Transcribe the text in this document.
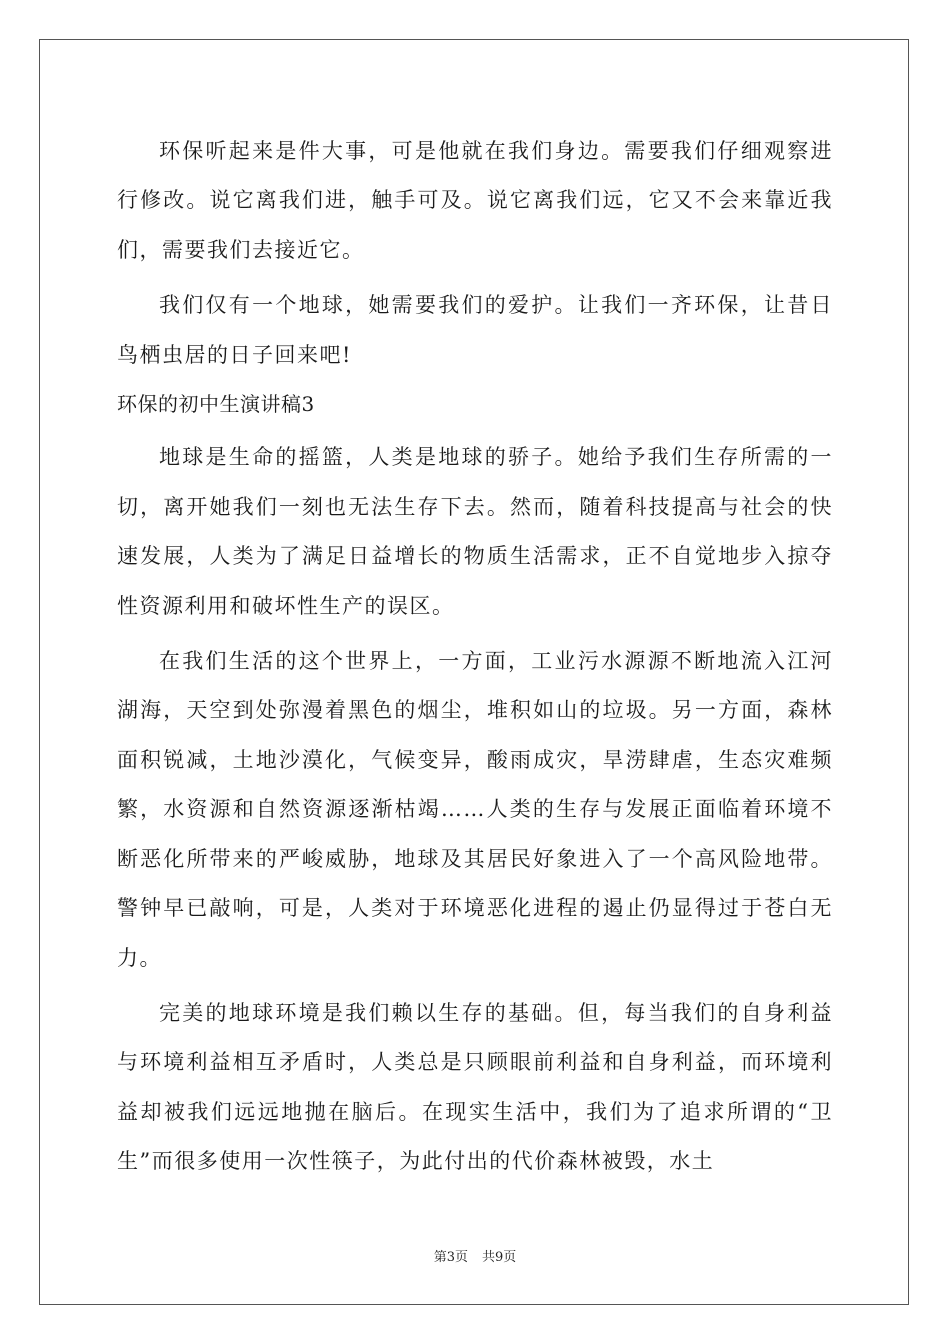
环保听起来是件大事，可是他就在我们身边。需要我们仔细观察进行修改。说它离我们进，触手可及。说它离我们远，它又不会来靠近我们，需要我们去接近它。

我们仅有一个地球，她需要我们的爱护。让我们一齐环保，让昔日鸟栖虫居的日子回来吧!

环保的初中生演讲稿3

地球是生命的摇篮，人类是地球的骄子。她给予我们生存所需的一切，离开她我们一刻也无法生存下去。然而，随着科技提高与社会的快速发展，人类为了满足日益增长的物质生活需求，正不自觉地步入掠夺性资源利用和破坏性生产的误区。

在我们生活的这个世界上，一方面，工业污水源源不断地流入江河湖海，天空到处弥漫着黑色的烟尘，堆积如山的垃圾。另一方面，森林面积锐减，土地沙漠化，气候变异，酸雨成灾，旱涝肆虐，生态灾难频繁，水资源和自然资源逐渐枯竭……人类的生存与发展正面临着环境不断恶化所带来的严峻威胁，地球及其居民好象进入了一个高风险地带。警钟早已敲响，可是，人类对于环境恶化进程的遏止仍显得过于苍白无力。

完美的地球环境是我们赖以生存的基础。但，每当我们的自身利益与环境利益相互矛盾时，人类总是只顾眼前利益和自身利益，而环境利益却被我们远远地抛在脑后。在现实生活中，我们为了追求所谓的“卫生”而很多使用一次性筷子，为此付出的代价森林被毁，水土

第3页 共9页
